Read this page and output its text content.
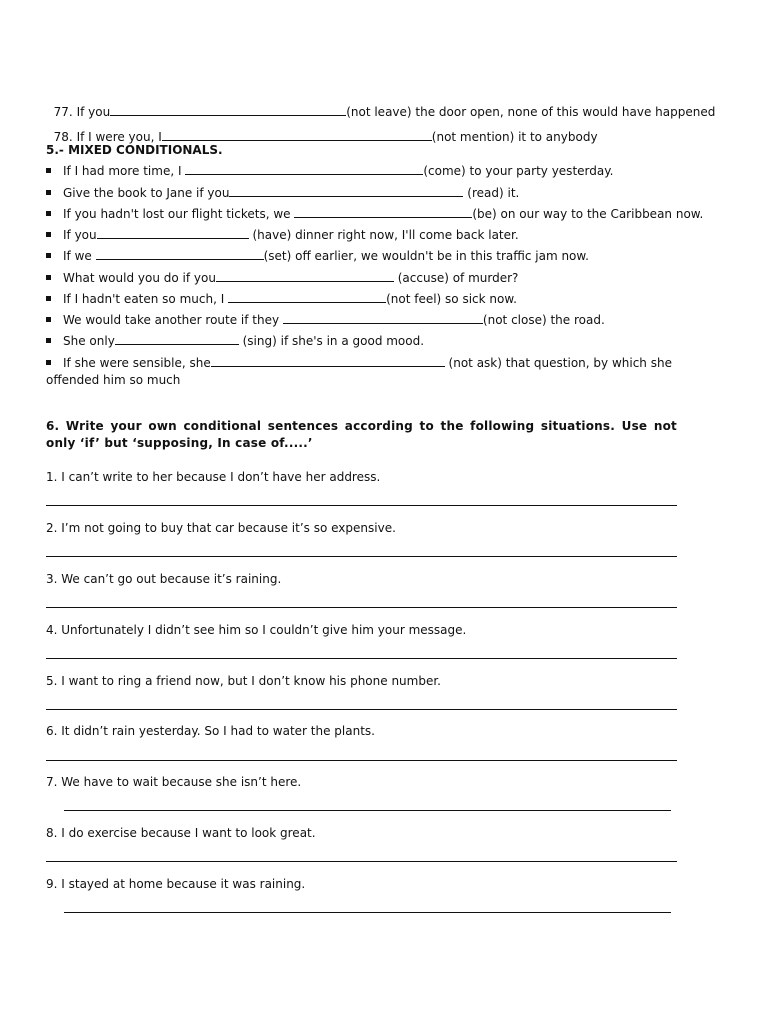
77. If you	(not leave) the door open, none of this would have happened

78. If I were you, I	(not mention) it to anybody

5.- MIXED CONDITIONALS.
If I had more time, I	(come) to your party yesterday.
Give the book to Jane if you	(read) it.
If you hadn't lost our flight tickets, we	(be) on our way to the Caribbean now.
If you	(have) dinner right now, I'll come back later.
If we	(set) off earlier, we wouldn't be in this traffic jam now.
What would you do if you	(accuse) of murder?
If I hadn't eaten so much, I	(not feel) so sick now.
We would take another route if they	(not close) the road.
She only	(sing) if she's in a good mood.
If she were sensible, she	(not ask) that question, by which she
offended him so much
6. Write your own conditional sentences according to the following situations. Use not only ‘if’ but ‘supposing, In case of.....’
1. I can’t write to her because I don’t have her address.
2. I’m not going to buy that car because it’s so expensive.
3. We can’t go out because it’s raining.
4. Unfortunately I didn’t see him so I couldn’t give him your message.
5. I want to ring a friend now, but I don’t know his phone number.
6. It didn’t rain yesterday. So I had to water the plants.
7. We have to wait because she isn’t here.
8. I do exercise because I want to look great.
9. I stayed at home because it was raining.
